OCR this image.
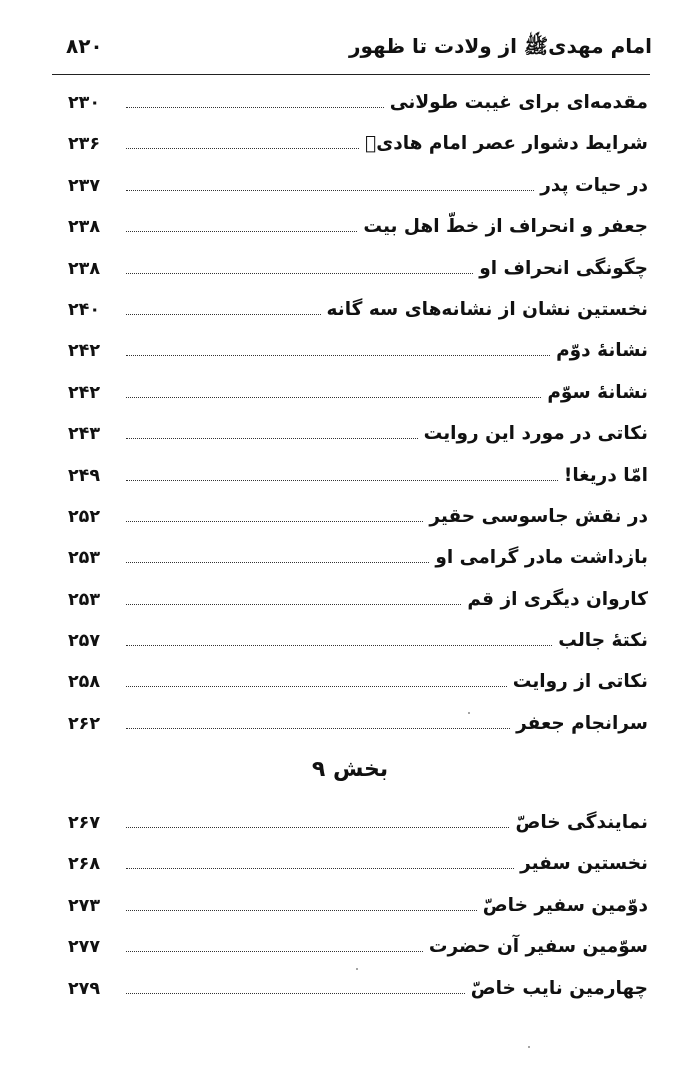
امام مهدیﷺ از ولادت تا ظهور
۸۲۰
مقدمه‌ای برای غیبت طولانی
۲۳۰
شرایط دشوار عصر امام هادیؑ
۲۳۶
در حیات پدر
۲۳۷
جعفر و انحراف از خطّ اهل بیت
۲۳۸
چگونگی انحراف او
۲۳۸
نخستین نشان از نشانه‌های سه گانه
۲۴۰
نشانهٔ دوّم
۲۴۲
نشانهٔ سوّم
۲۴۲
نکاتی در مورد این روایت
۲۴۳
امّا دریغا!
۲۴۹
در نقش جاسوسی حقیر
۲۵۲
بازداشت مادر گرامی او
۲۵۳
کاروان دیگری از قم
۲۵۳
نکتهٔ جالب
۲۵۷
نکاتی از روایت
۲۵۸
سرانجام جعفر
۲۶۲
بخش ۹
نمایندگی خاصّ
۲۶۷
نخستین سفیر
۲۶۸
دوّمین سفیر خاصّ
۲۷۳
سوّمین سفیر آن حضرت
۲۷۷
چهارمین نایب خاصّ
۲۷۹
